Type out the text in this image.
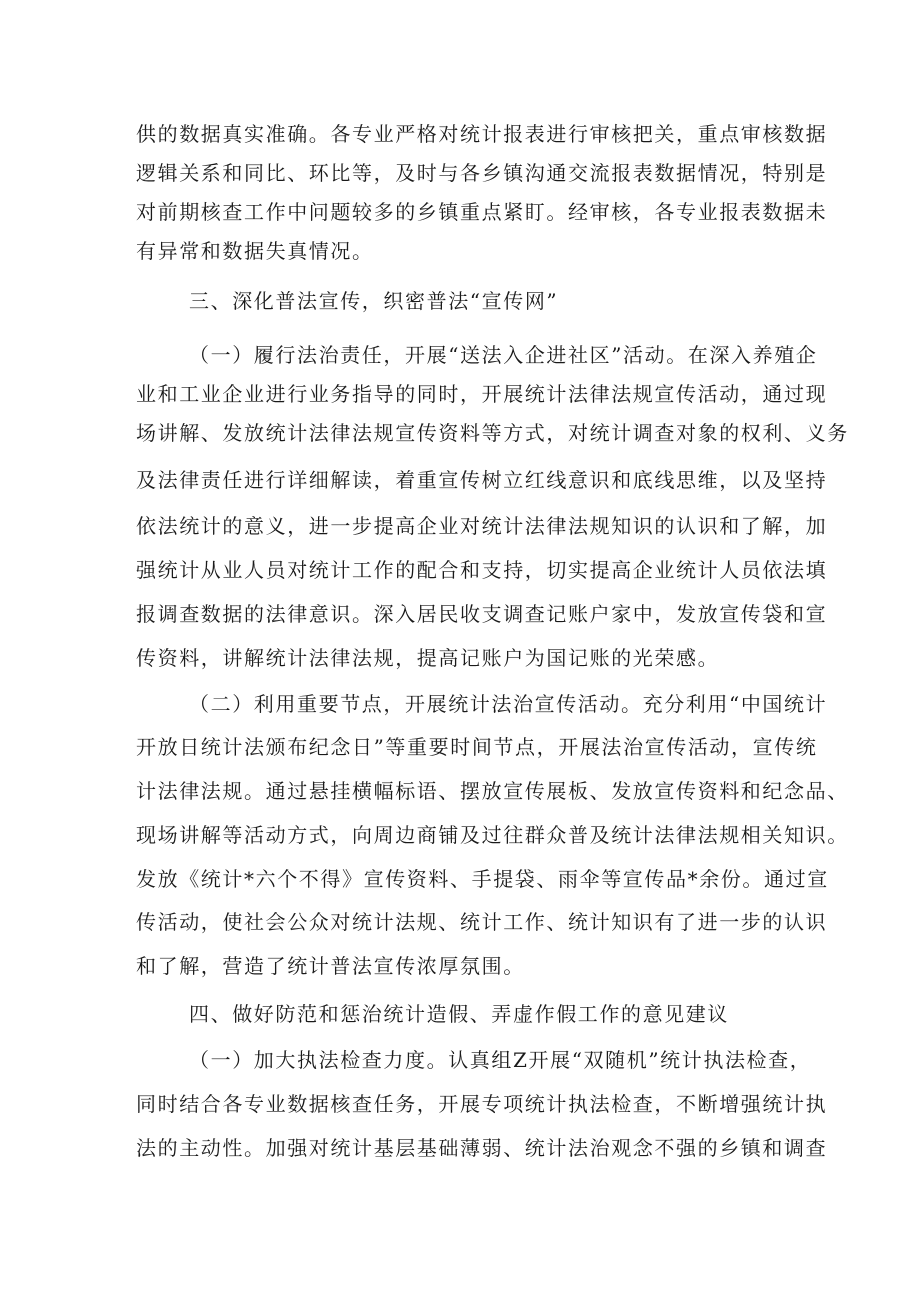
供的数据真实准确。各专业严格对统计报表进行审核把关，重点审核数据
逻辑关系和同比、环比等，及时与各乡镇沟通交流报表数据情况，特别是
对前期核查工作中问题较多的乡镇重点紧盯。经审核，各专业报表数据未
有异常和数据失真情况。
三、深化普法宣传，织密普法“宣传网”
（一）履行法治责任，开展“送法入企进社区”活动。在深入养殖企
业和工业企业进行业务指导的同时，开展统计法律法规宣传活动，通过现
场讲解、发放统计法律法规宣传资料等方式，对统计调查对象的权利、义务
及法律责任进行详细解读，着重宣传树立红线意识和底线思维，以及坚持
依法统计的意义，进一步提高企业对统计法律法规知识的认识和了解，加
强统计从业人员对统计工作的配合和支持，切实提高企业统计人员依法填
报调查数据的法律意识。深入居民收支调查记账户家中，发放宣传袋和宣
传资料，讲解统计法律法规，提高记账户为国记账的光荣感。
（二）利用重要节点，开展统计法治宣传活动。充分利用“中国统计
开放日统计法颁布纪念日”等重要时间节点，开展法治宣传活动，宣传统
计法律法规。通过悬挂横幅标语、摆放宣传展板、发放宣传资料和纪念品、
现场讲解等活动方式，向周边商铺及过往群众普及统计法律法规相关知识。
发放《统计*六个不得》宣传资料、手提袋、雨伞等宣传品*余份。通过宣
传活动，使社会公众对统计法规、统计工作、统计知识有了进一步的认识
和了解，营造了统计普法宣传浓厚氛围。
四、做好防范和惩治统计造假、弄虚作假工作的意见建议
（一）加大执法检查力度。认真组Z开展“双随机”统计执法检查，
同时结合各专业数据核查任务，开展专项统计执法检查，不断增强统计执
法的主动性。加强对统计基层基础薄弱、统计法治观念不强的乡镇和调查
